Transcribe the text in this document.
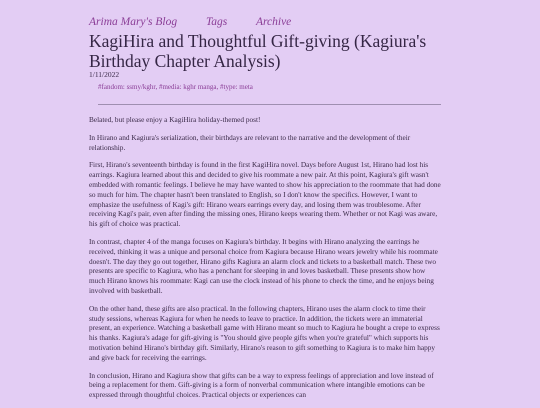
Arima Mary's Blog	Tags Archive
KagiHira and Thoughtful Gift-giving (Kagiura's Birthday Chapter Analysis)
1/11/2022
#fandom: ssmy/kghr, #media: kghr manga, #type: meta

Belated, but please enjoy a KagiHira holiday-themed post!

In Hirano and Kagiura's serialization, their birthdays are relevant to the narrative and the development of their relationship.

First, Hirano's seventeenth birthday is found in the first KagiHira novel. Days before August 1st, Hirano had lost his earrings. Kagiura learned about this and decided to give his roommate a new pair. At this point, Kagiura's gift wasn't embedded with romantic feelings. I believe he may have wanted to show his appreciation to the roommate that had done so much for him. The chapter hasn't been translated to English, so I don't know the specifics. However, I want to emphasize the usefulness of Kagi's gift: Hirano wears earrings every day, and losing them was troublesome. After receiving Kagi's pair, even after finding the missing ones, Hirano keeps wearing them. Whether or not Kagi was aware, his gift of choice was practical.

In contrast, chapter 4 of the manga focuses on Kagiura's birthday. It begins with Hirano analyzing the earrings he received, thinking it was a unique and personal choice from Kagiura because Hirano wears jewelry while his roommate doesn't. The day they go out together, Hirano gifts Kagiura an alarm clock and tickets to a basketball match. These two presents are specific to Kagiura, who has a penchant for sleeping in and loves basketball. These presents show how much Hirano knows his roommate: Kagi can use the clock instead of his phone to check the time, and he enjoys being involved with basketball.

On the other hand, these gifts are also practical. In the following chapters, Hirano uses the alarm clock to time their study sessions, whereas Kagiura for when he needs to leave to practice. In addition, the tickets were an immaterial present, an experience. Watching a basketball game with Hirano meant so much to Kagiura he bought a crepe to express his thanks. Kagiura's adage for gift-giving is "You should give people gifts when you're grateful" which supports his motivation behind Hirano's birthday gift. Similarly, Hirano's reason to gift something to Kagiura is to make him happy and give back for receiving the earrings.

In conclusion, Hirano and Kagiura show that gifts can be a way to express feelings of appreciation and love instead of being a replacement for them. Gift-giving is a form of nonverbal communication where intangible emotions can be expressed through thoughtful choices. Practical objects or experiences can
